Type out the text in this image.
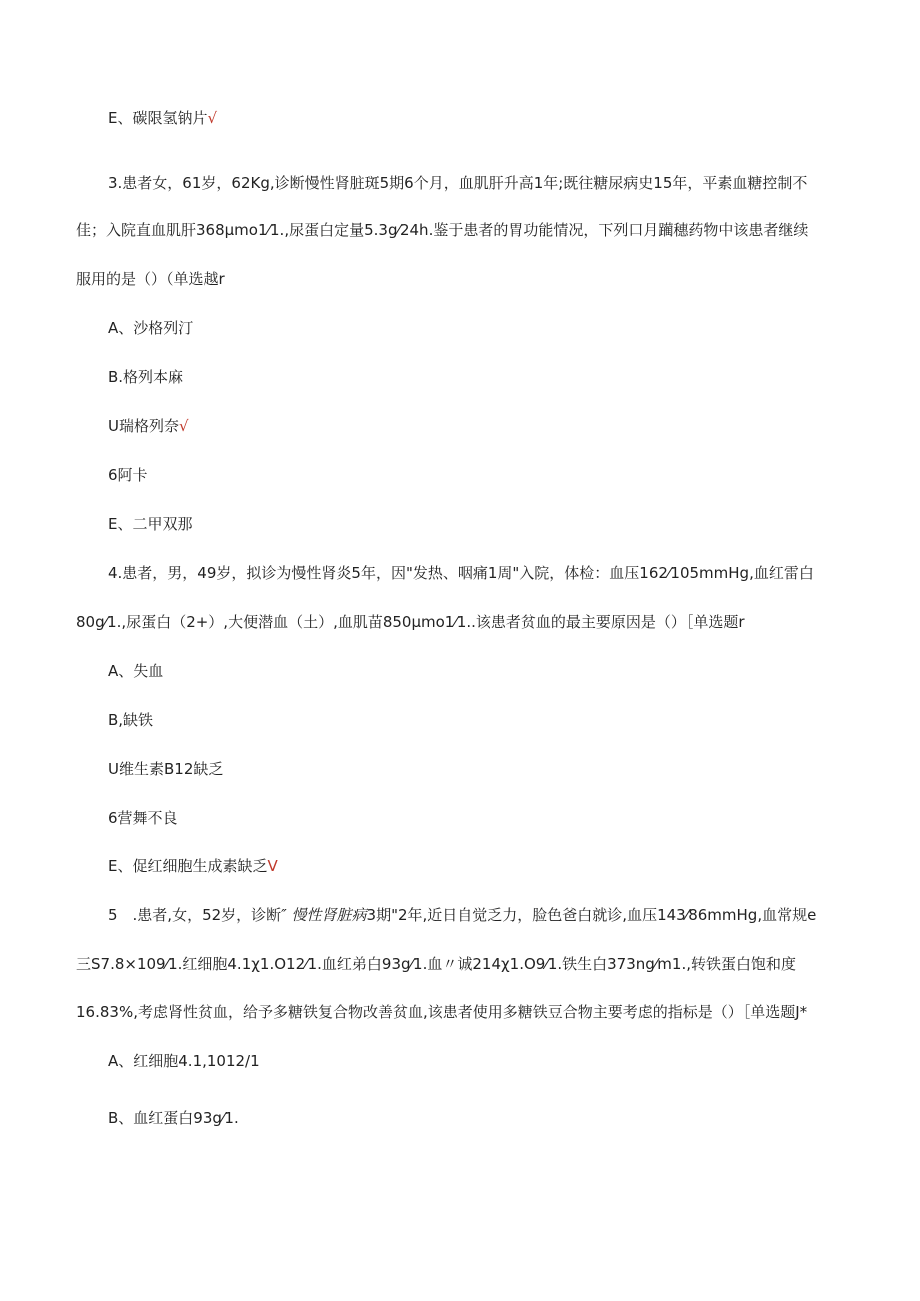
E、碳限氢钠片√
3.患者女，61岁，62Kg,诊断慢性肾脏斑5期6个月，血肌肝升高1年;既往糖尿病史15年，平素血糖控制不
佳；入院直血肌肝368μmo1⁄1.,尿蛋白定量5.3g⁄24h.鉴于患者的胃功能情况，下列口月躏穗药物中该患者继续
服用的是（）（单选越r
A、沙格列汀
B.格列本麻
U瑞格列奈√
6阿卡
E、二甲双那
4.患者，男，49岁，拟诊为慢性肾炎5年，因"发热、咽痛1周"入院，体检：血压162⁄105mmHg,血红雷白
80g⁄1.,尿蛋白（2+）,大便潜血（土）,血肌苗850μmo1⁄1..该患者贫血的最主要原因是（）［单选题r
A、失血
B,缺铁
U维生素B12缺乏
6营舞不良
E、促红细胞生成素缺乏V
5　.患者,女，52岁，诊断″ 慢性肾脏病3期"2年,近日自觉乏力，脸色爸白就诊,血压143⁄86mmHg,血常规e
三S7.8×109⁄1.红细胞4.1χ1.O12⁄1.血红弟白93g⁄1.血〃诚214χ1.O9⁄1.铁生白373ng⁄m1.,转铁蛋白饱和度
16.83%,考虑肾性贫血，给予多糖铁复合物改善贫血,该患者使用多糖铁豆合物主要考虑的指标是（）［单选题J*
A、红细胞4.1,1012/1
B、血红蛋白93g⁄1.
